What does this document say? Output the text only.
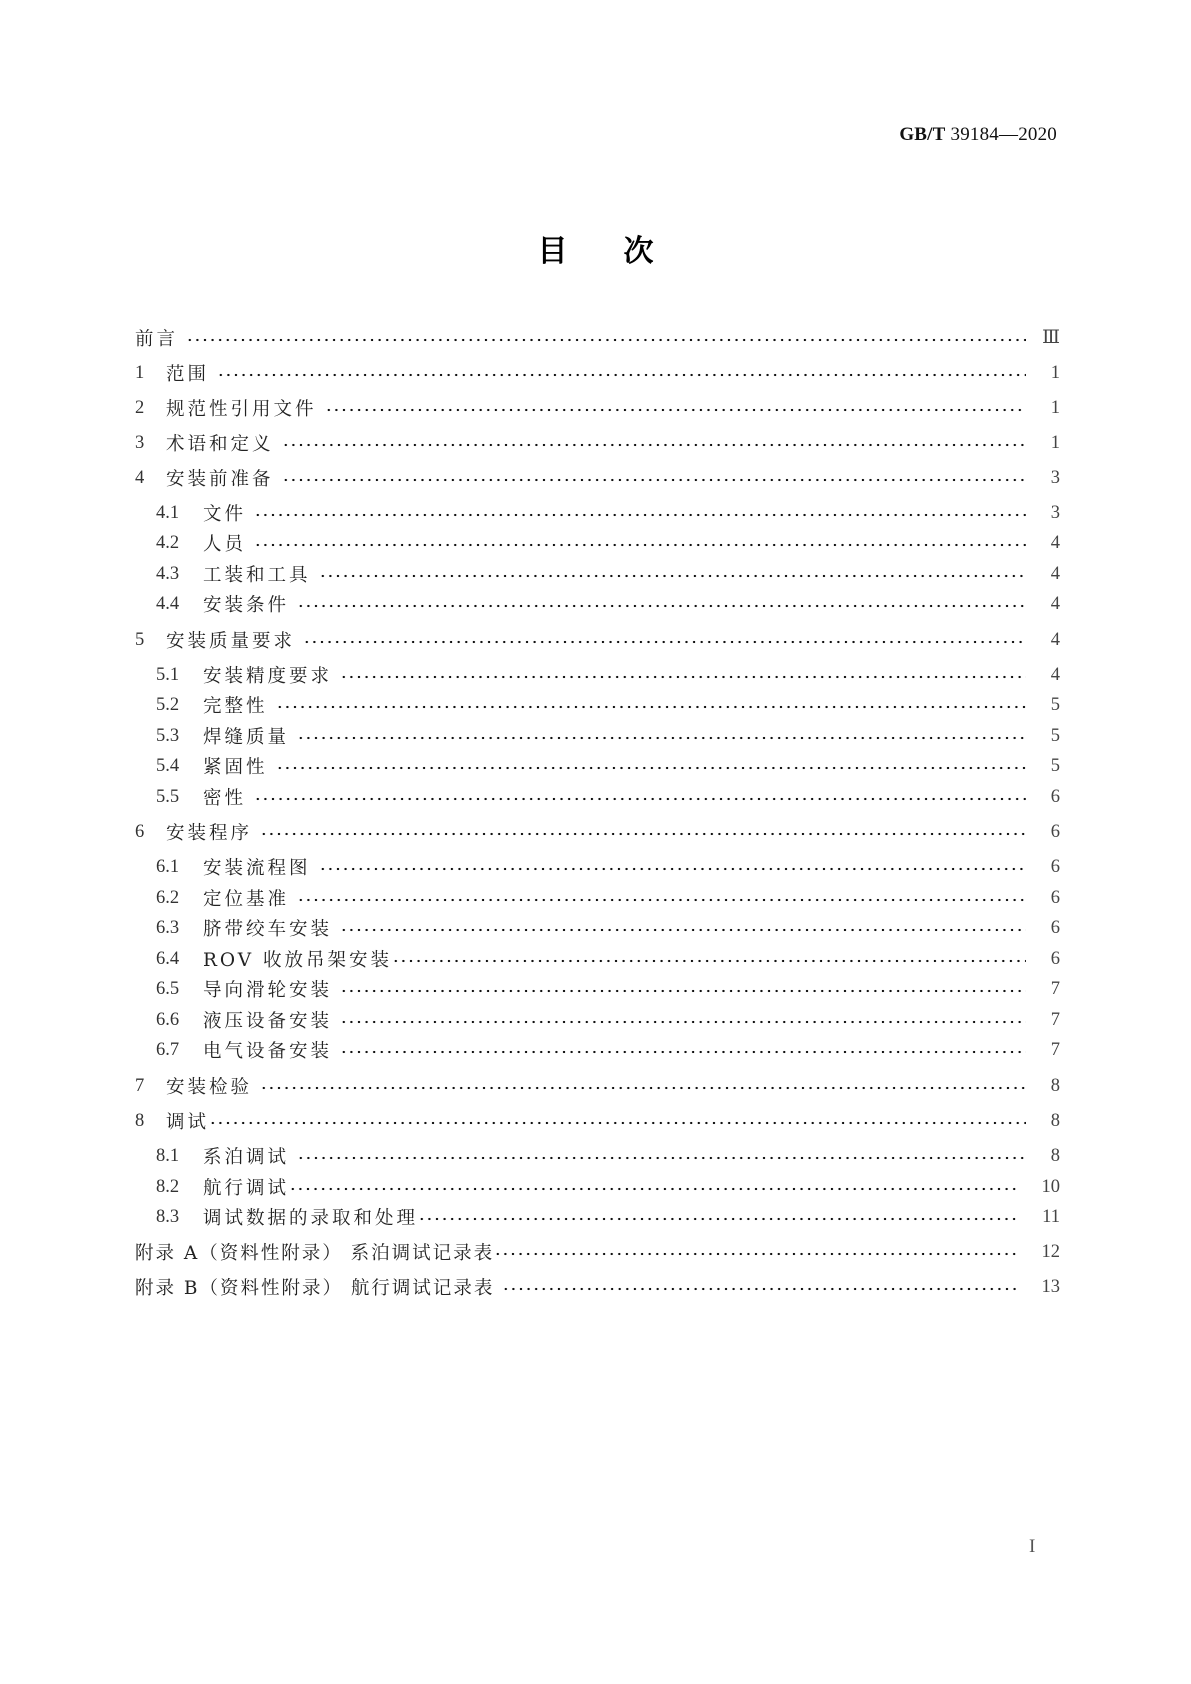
GB/T 39184—2020
目次
前言	Ⅲ
1	范围	1
2	规范性引用文件	1
3	术语和定义	1
4	安装前准备	3
4.1	文件	3
4.2	人员	4
4.3	工装和工具	4
4.4	安装条件	4
5	安装质量要求	4
5.1	安装精度要求	4
5.2	完整性	5
5.3	焊缝质量	5
5.4	紧固性	5
5.5	密性	6
6	安装程序	6
6.1	安装流程图	6
6.2	定位基准	6
6.3	脐带绞车安装	6
6.4	ROV 收放吊架安装	6
6.5	导向滑轮安装	7
6.6	液压设备安装	7
6.7	电气设备安装	7
7	安装检验	8
8	调试	8
8.1	系泊调试	8
8.2	航行调试	10
8.3	调试数据的录取和处理	11
附录 A（资料性附录） 系泊调试记录表	12
附录 B（资料性附录） 航行调试记录表	13
I
